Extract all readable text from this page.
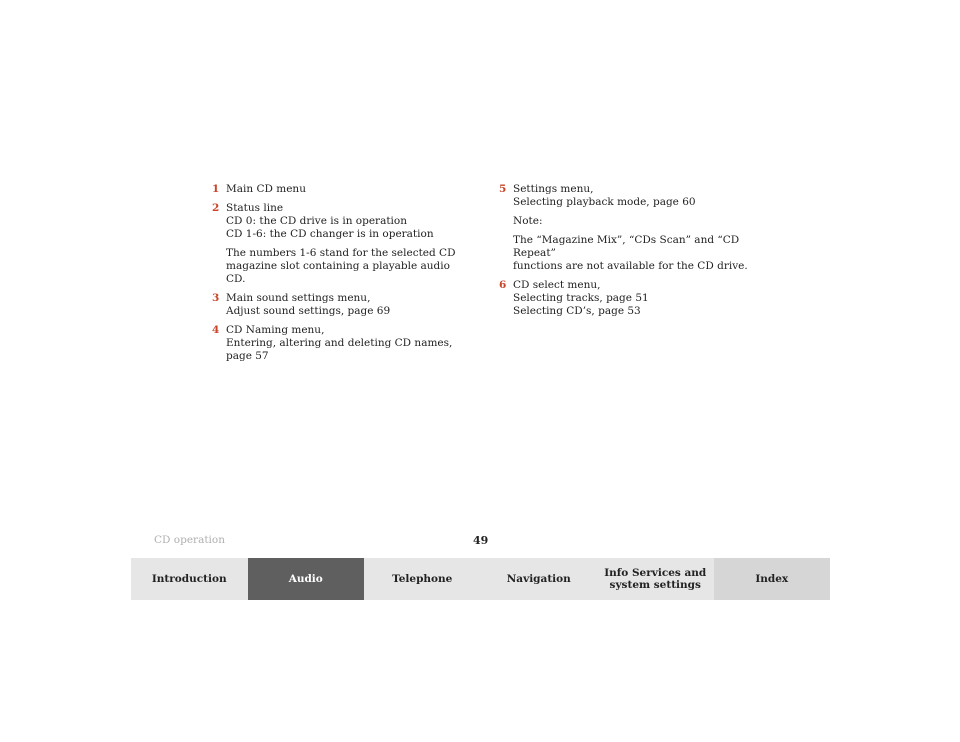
1 Main CD menu
2 Status line
CD 0: the CD drive is in operation
CD 1-6: the CD changer is in operation
The numbers 1-6 stand for the selected CD
magazine slot containing a playable audio CD.
3 Main sound settings menu,
Adjust sound settings, page 69
4 CD Naming menu,
Entering, altering and deleting CD names,
page 57
5 Settings menu,
Selecting playback mode, page 60
Note:
The “Magazine Mix”, “CDs Scan” and “CD Repeat”
functions are not available for the CD drive.
6 CD select menu,
Selecting tracks, page 51
Selecting CD’s, page 53
CD operation	49
Introduction	Audio	Telephone	Navigation	Info Services and
system settings	Index
